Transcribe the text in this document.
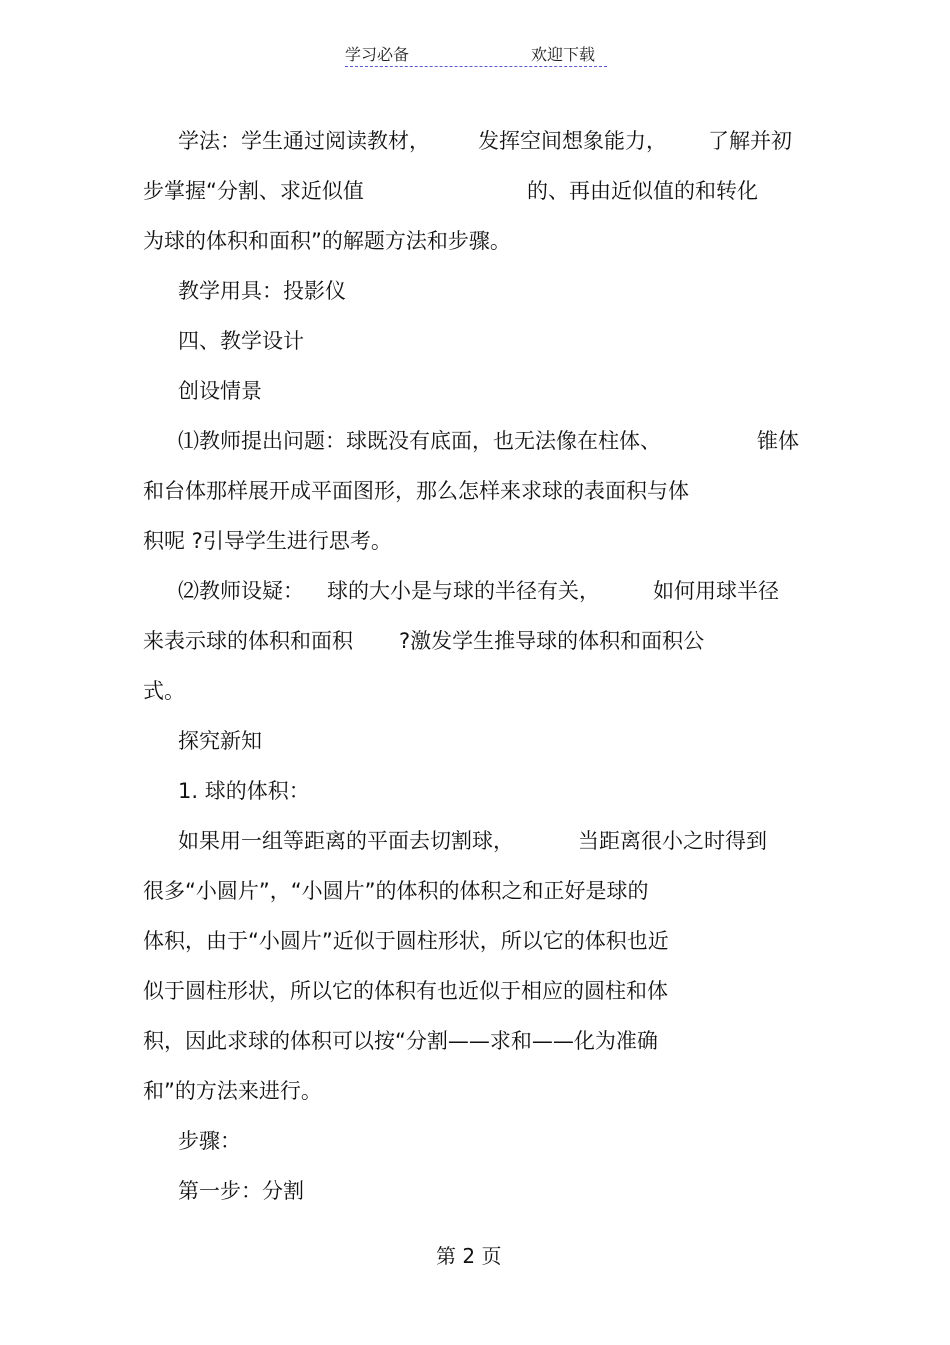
学习必备	欢迎下载
学法：学生通过阅读教材， 发挥空间想象能力， 了解并初
步掌握“分割、求近似值	的、再由近似值的和转化
为球的体积和面积”的解题方法和步骤。
教学用具：投影仪
四、教学设计
创设情景
⑴教师提出问题：球既没有底面，也无法像在柱体、	锥体
和台体那样展开成平面图形，那么怎样来求球的表面积与体
积呢 ?引导学生进行思考。
⑵教师设疑： 球的大小是与球的半径有关，	如何用球半径
来表示球的体积和面积 ?激发学生推导球的体积和面积公
式。
探究新知
1. 球的体积：
如果用一组等距离的平面去切割球，	当距离很小之时得到
很多“小圆片”，“小圆片”的体积的体积之和正好是球的
体积，由于“小圆片”近似于圆柱形状，所以它的体积也近
似于圆柱形状，所以它的体积有也近似于相应的圆柱和体
积，因此求球的体积可以按“分割——求和——化为准确
和”的方法来进行。
步骤：
第一步：分割
第 2 页
